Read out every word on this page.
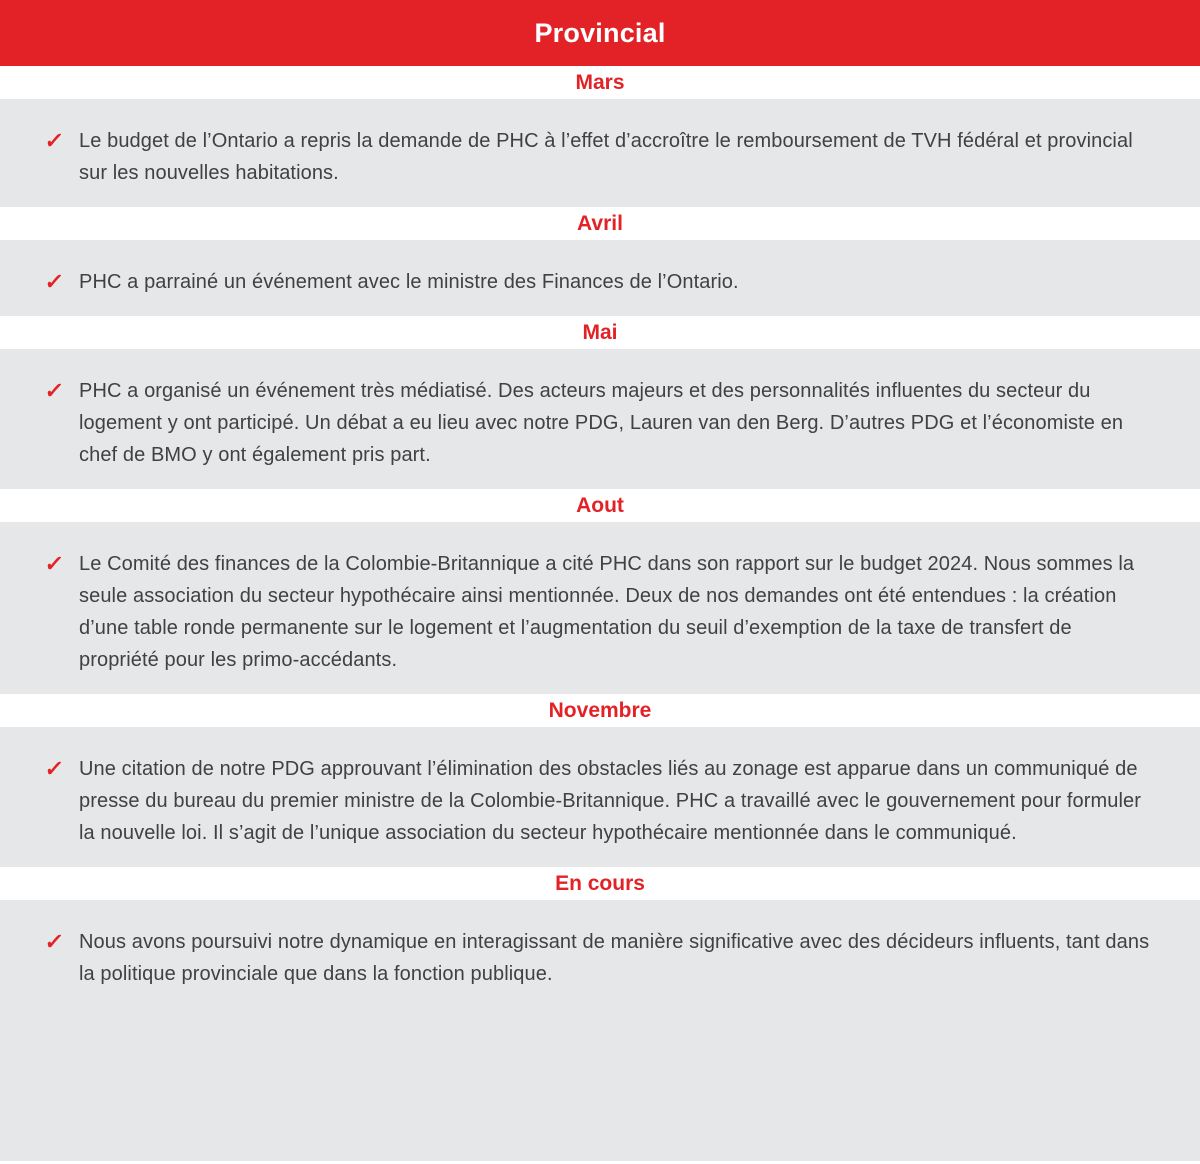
Provincial
Mars
✓ Le budget de l’Ontario a repris la demande de PHC à l’effet d’accroître le remboursement de TVH fédéral et provincial sur les nouvelles habitations.

Avril
✓ PHC a parrainé un événement avec le ministre des Finances de l’Ontario.

Mai
✓ PHC a organisé un événement très médiatisé. Des acteurs majeurs et des personnalités influentes du secteur du logement y ont participé. Un débat a eu lieu avec notre PDG, Lauren van den Berg. D’autres PDG et l’économiste en chef de BMO y ont également pris part.

Aout
✓ Le Comité des finances de la Colombie-Britannique a cité PHC dans son rapport sur le budget 2024. Nous sommes la seule association du secteur hypothécaire ainsi mentionnée. Deux de nos demandes ont été entendues : la création d’une table ronde permanente sur le logement et l’augmentation du seuil d’exemption de la taxe de transfert de propriété pour les primo-accédants.

Novembre
✓ Une citation de notre PDG approuvant l’élimination des obstacles liés au zonage est apparue dans un communiqué de presse du bureau du premier ministre de la Colombie-Britannique. PHC a travaillé avec le gouvernement pour formuler la nouvelle loi. Il s’agit de l’unique association du secteur hypothécaire mentionnée dans le communiqué.

En cours
✓ Nous avons poursuivi notre dynamique en interagissant de manière significative avec des décideurs influents, tant dans la politique provinciale que dans la fonction publique.
